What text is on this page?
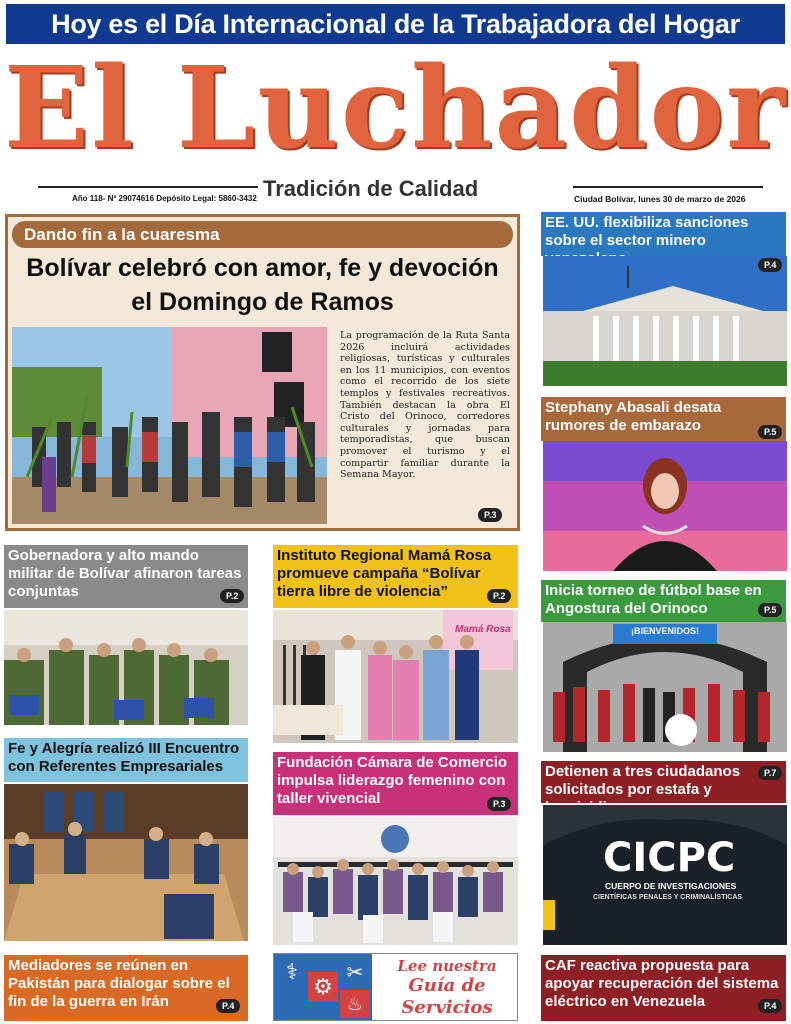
Hoy es el Día Internacional de la Trabajadora del Hogar
El Luchador
Año 118- Nº 29074616 Depósito Legal: 5860-3432 Tradición de Calidad	Ciudad Bolívar, lunes 30 de marzo de 2026
Dando fin a la cuaresma
Bolívar celebró con amor, fe y devoción
el Domingo de Ramos
La programación de la Ruta Santa 2026 incluirá actividades religiosas, turísticas y culturales en los 11 municipios, con eventos como el recorrido de los siete templos y festivales recreativos. También destacan la obra El Cristo del Orinoco, corredores culturales y jornadas para temporadistas, que buscan promover el turismo y el compartir familiar durante la Semana Mayor.
P.3
EE. UU. flexibiliza sanciones sobre el sector minero
P.4
Stephany Abasali desata rumores de embarazo	P.5
Inicia torneo de fútbol base en Angostura del Orinoco	P.5
¡BIENVENIDOS!
Detienen a tres ciudadanos solicitados por estafa y
P.7
CICPC
CUERPO DE INVESTIGACIONES
CIENTÍFICAS PENALES Y CRIMINALÍSTICAS
CAF reactiva propuesta para apoyar recuperación del sistema eléctrico en Venezuela	P.4
Gobernadora y alto mando militar de Bolívar afinaron tareas conjuntas	P.2
Fe y Alegría realizó III Encuentro con Referentes Empresariales
Mediadores se reúnen en Pakistán para dialogar sobre el fin de la guerra en Irán	P.4
Instituto Regional Mamá Rosa promueve campaña “Bolívar tierra libre de violencia”	P.2
Mamá Rosa
Fundación Cámara de Comercio impulsa liderazgo femenino con taller vivencial	P.3
⚕
⚙
✂
♨
Lee nuestra
Guía de
Servicios
